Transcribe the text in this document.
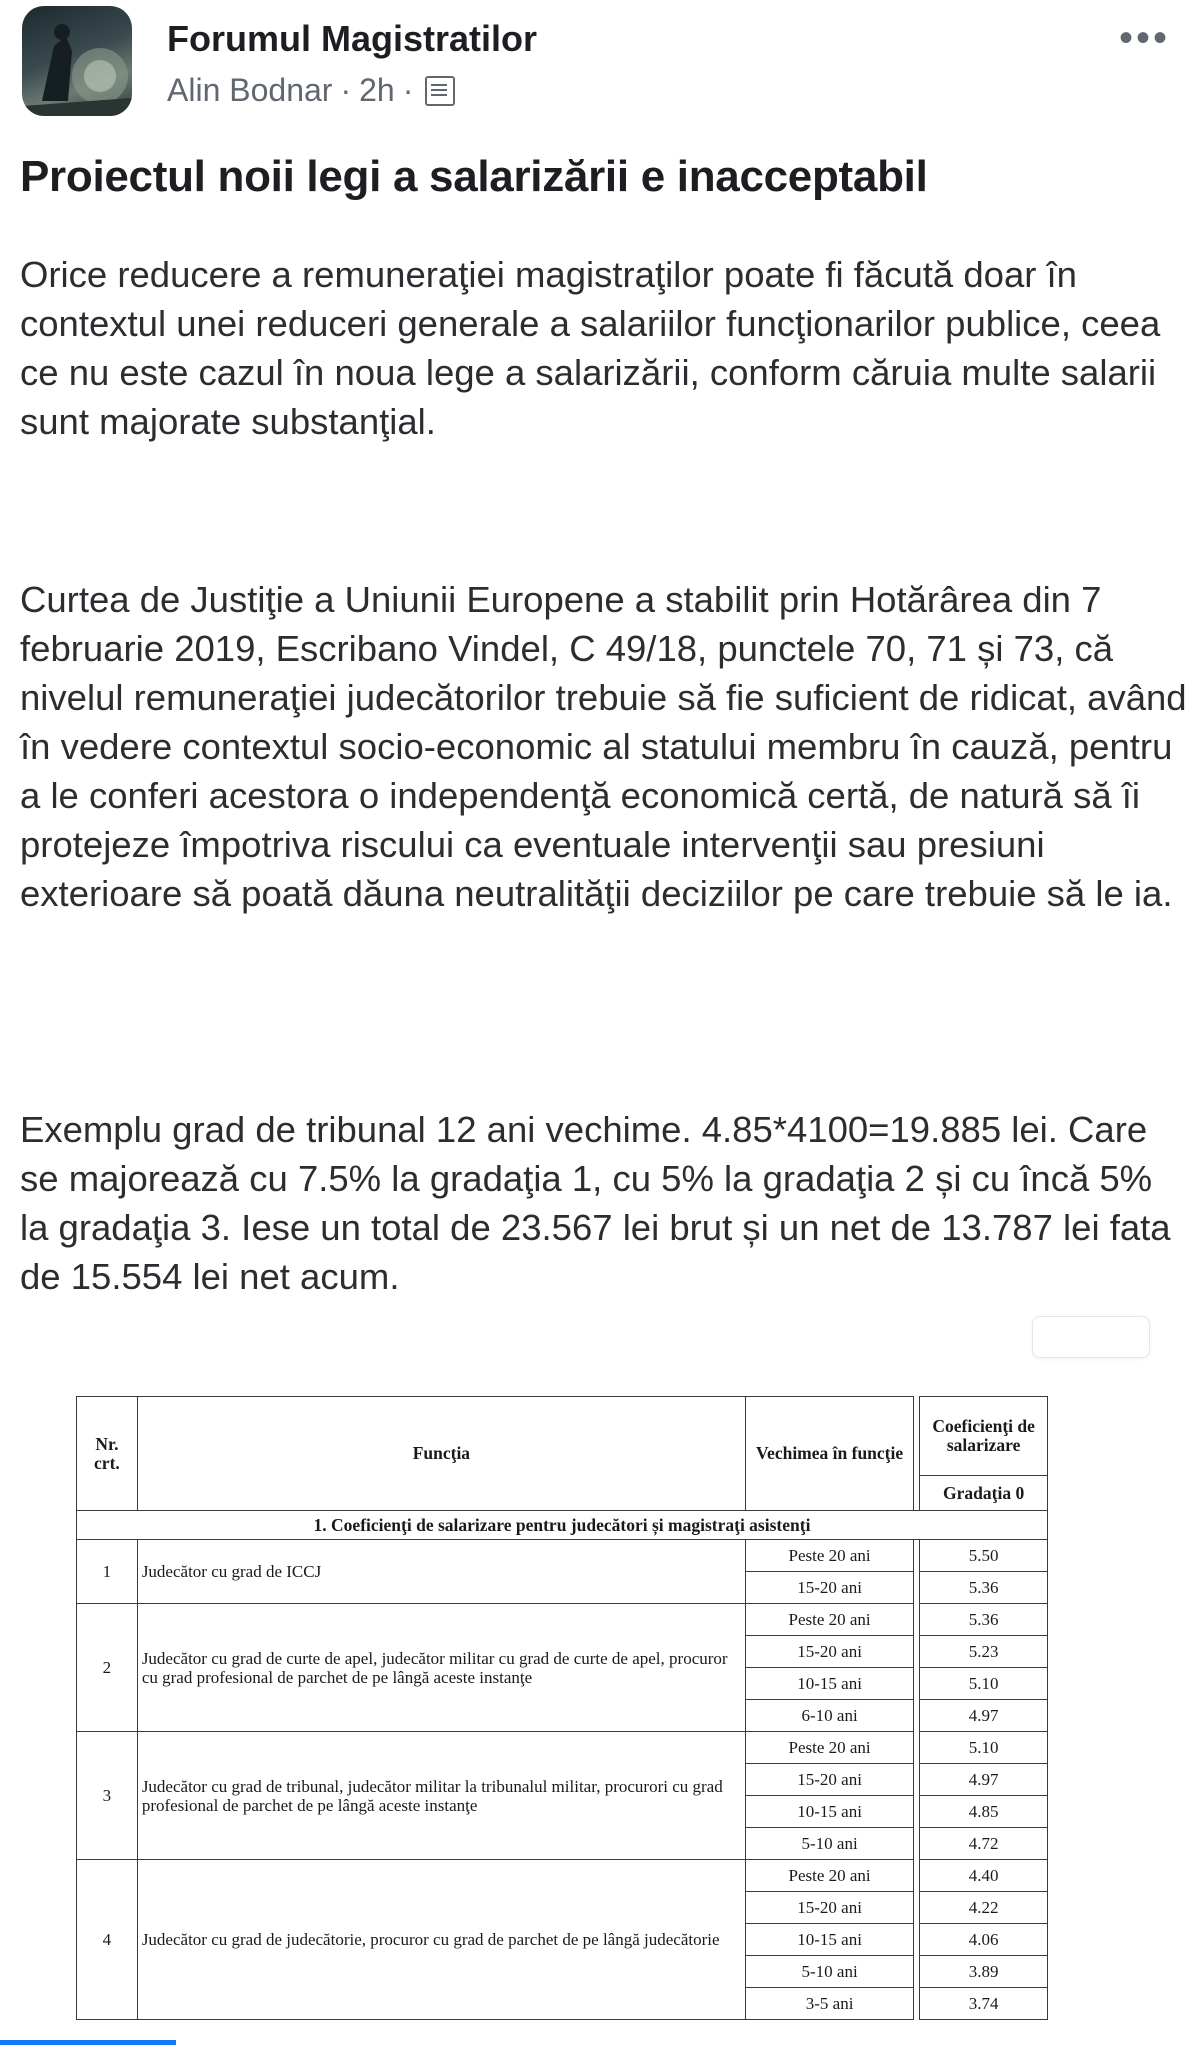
Forumul Magistratilor
Alin Bodnar · 2h ·
•••
Proiectul noii legi a salarizării e inacceptabil

Orice reducere a remuneraţiei magistraţilor poate fi făcută doar în contextul unei reduceri generale a salariilor funcţionarilor publice, ceea ce nu este cazul în noua lege a salarizării, conform căruia multe salarii sunt majorate substanţial.

Curtea de Justiţie a Uniunii Europene a stabilit prin Hotărârea din 7 februarie 2019, Escribano Vindel, C 49/18, punctele 70, 71 și 73, că nivelul remuneraţiei judecătorilor trebuie să fie suficient de ridicat, având în vedere contextul socio-economic al statului membru în cauză, pentru a le conferi acestora o independenţă economică certă, de natură să îi protejeze împotriva riscului ca eventuale intervenţii sau presiuni exterioare să poată dăuna neutralităţii deciziilor pe care trebuie să le ia.

Exemplu grad de tribunal 12 ani vechime. 4.85*4100=19.885 lei. Care se majorează cu 7.5% la gradaţia 1, cu 5% la gradaţia 2 și cu încă 5% la gradaţia 3. Iese un total de 23.567 lei brut și un net de 13.787 lei fata de 15.554 lei net acum.

Nr. crt.	Funcţia	Vechimea în funcţie		Coeficienţi de salarizare
				Gradaţia 0
1. Coeficienţi de salarizare pentru judecători și magistraţi asistenţi				
1	Judecător cu grad de ICCJ	Peste 20 ani		5.50
		15-20 ani		5.36
2	Judecător cu grad de curte de apel, judecător militar cu grad de curte de apel, procuror cu grad profesional de parchet de pe lângă aceste instanţe	Peste 20 ani		5.36
		15-20 ani		5.23
		10-15 ani		5.10
		6-10 ani		4.97
3	Judecător cu grad de tribunal, judecător militar la tribunalul militar, procurori cu grad profesional de parchet de pe lângă aceste instanţe	Peste 20 ani		5.10
		15-20 ani		4.97
		10-15 ani		4.85
		5-10 ani		4.72
4	Judecător cu grad de judecătorie, procuror cu grad de parchet de pe lângă judecătorie	Peste 20 ani		4.40
		15-20 ani		4.22
		10-15 ani		4.06
		5-10 ani		3.89
		3-5 ani		3.74
